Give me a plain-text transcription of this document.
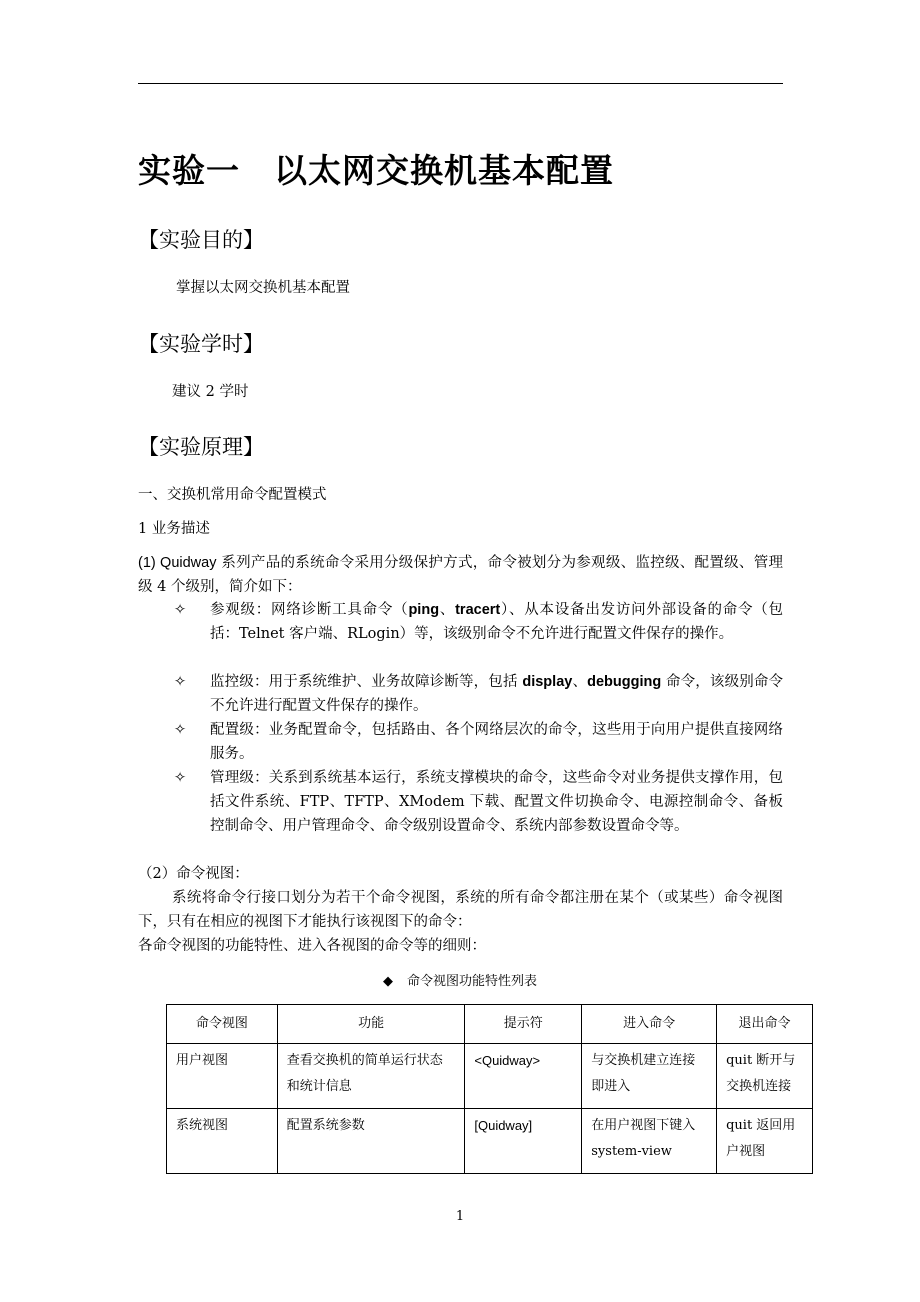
实验一 以太网交换机基本配置
【实验目的】
掌握以太网交换机基本配置
【实验学时】
建议 2 学时
【实验原理】
一、交换机常用命令配置模式
1 业务描述
(1) Quidway 系列产品的系统命令采用分级保护方式，命令被划分为参观级、监控级、配置级、管理级 4 个级别，简介如下：
✧	参观级：网络诊断工具命令（ping、tracert）、从本设备出发访问外部设备的命令（包括：Telnet 客户端、RLogin）等，该级别命令不允许进行配置文件保存的操作。
✧	监控级：用于系统维护、业务故障诊断等，包括 display、debugging 命令，该级别命令不允许进行配置文件保存的操作。
✧	配置级：业务配置命令，包括路由、各个网络层次的命令，这些用于向用户提供直接网络服务。
✧	管理级：关系到系统基本运行，系统支撑模块的命令，这些命令对业务提供支撑作用，包括文件系统、FTP、TFTP、XModem 下载、配置文件切换命令、电源控制命令、备板控制命令、用户管理命令、命令级别设置命令、系统内部参数设置命令等。
（2）命令视图：
系统将命令行接口划分为若干个命令视图，系统的所有命令都注册在某个（或某些）命令视图下，只有在相应的视图下才能执行该视图下的命令：
各命令视图的功能特性、进入各视图的命令等的细则：
◆ 命令视图功能特性列表
命令视图	功能	提示符	进入命令	退出命令
用户视图	查看交换机的简单运行状态和统计信息	<Quidway>	与交换机建立连接即进入	quit 断开与交换机连接
系统视图	配置系统参数	[Quidway]	在用户视图下键入 system-view	quit 返回用户视图
1
